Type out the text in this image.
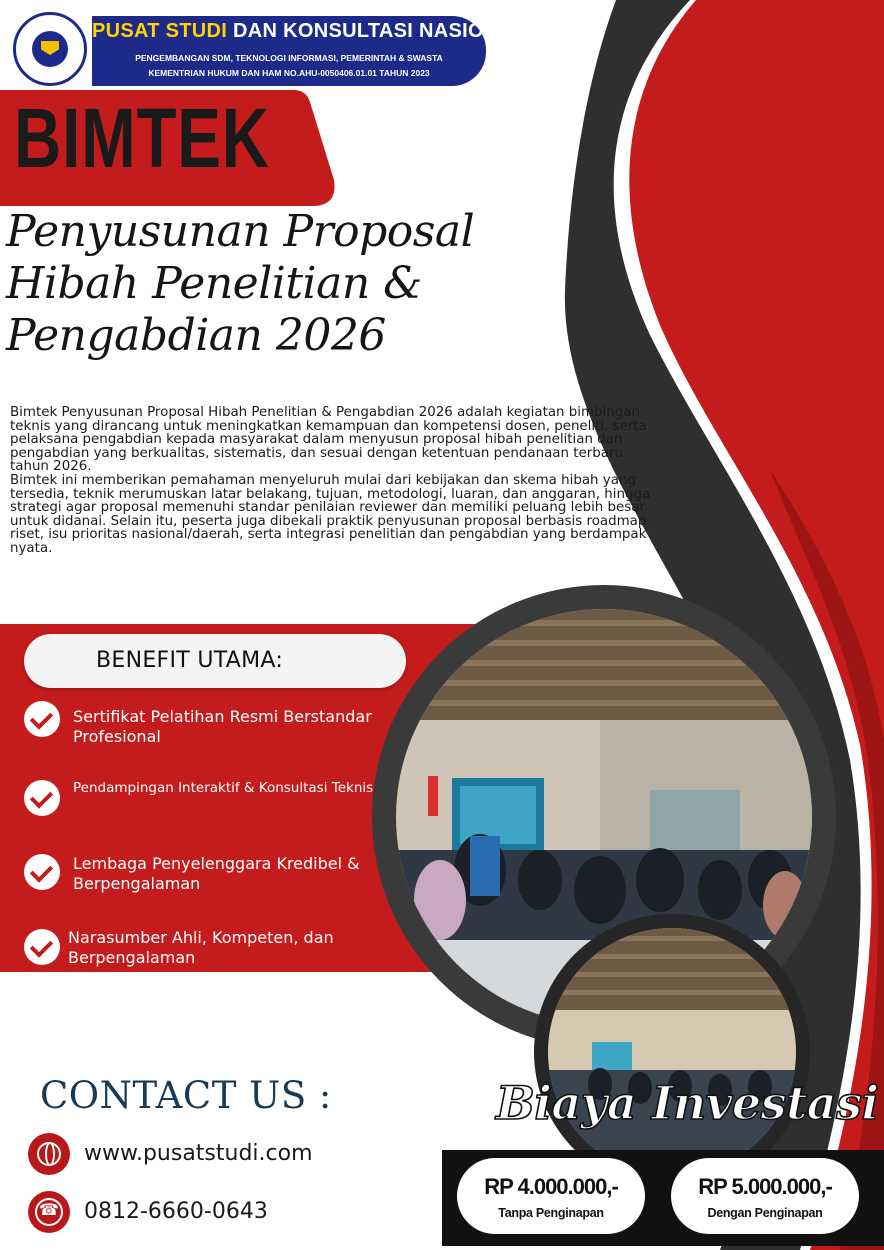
PUSAT STUDI DAN KONSULTASI NASIONAL
PENGEMBANGAN SDM, TEKNOLOGI INFORMASI, PEMERINTAH & SWASTA
KEMENTRIAN HUKUM DAN HAM NO.AHU-0050406.01.01 TAHUN 2023
BIMTEK
Penyusunan Proposal
Hibah Penelitian &
Pengabdian 2026

Bimtek Penyusunan Proposal Hibah Penelitian & Pengabdian 2026 adalah kegiatan bimbingan teknis yang dirancang untuk meningkatkan kemampuan dan kompetensi dosen, peneliti, serta pelaksana pengabdian kepada masyarakat dalam menyusun proposal hibah penelitian dan pengabdian yang berkualitas, sistematis, dan sesuai dengan ketentuan pendanaan terbaru tahun 2026.

Bimtek ini memberikan pemahaman menyeluruh mulai dari kebijakan dan skema hibah yang tersedia, teknik merumuskan latar belakang, tujuan, metodologi, luaran, dan anggaran, hingga strategi agar proposal memenuhi standar penilaian reviewer dan memiliki peluang lebih besar untuk didanai. Selain itu, peserta juga dibekali praktik penyusunan proposal berbasis roadmap riset, isu prioritas nasional/daerah, serta integrasi penelitian dan pengabdian yang berdampak nyata.

BENEFIT UTAMA:
Sertifikat Pelatihan Resmi Berstandar
Profesional
Pendampingan Interaktif & Konsultasi Teknis
Lembaga Penyelenggara Kredibel &
Berpengalaman
Narasumber Ahli, Kompeten, dan
Berpengalaman
CONTACT US :
www.pusatstudi.com
☎
0812-6660-0643
Biaya Investasi
RP 4.000.000,-
Tanpa Penginapan
RP 5.000.000,-
Dengan Penginapan
